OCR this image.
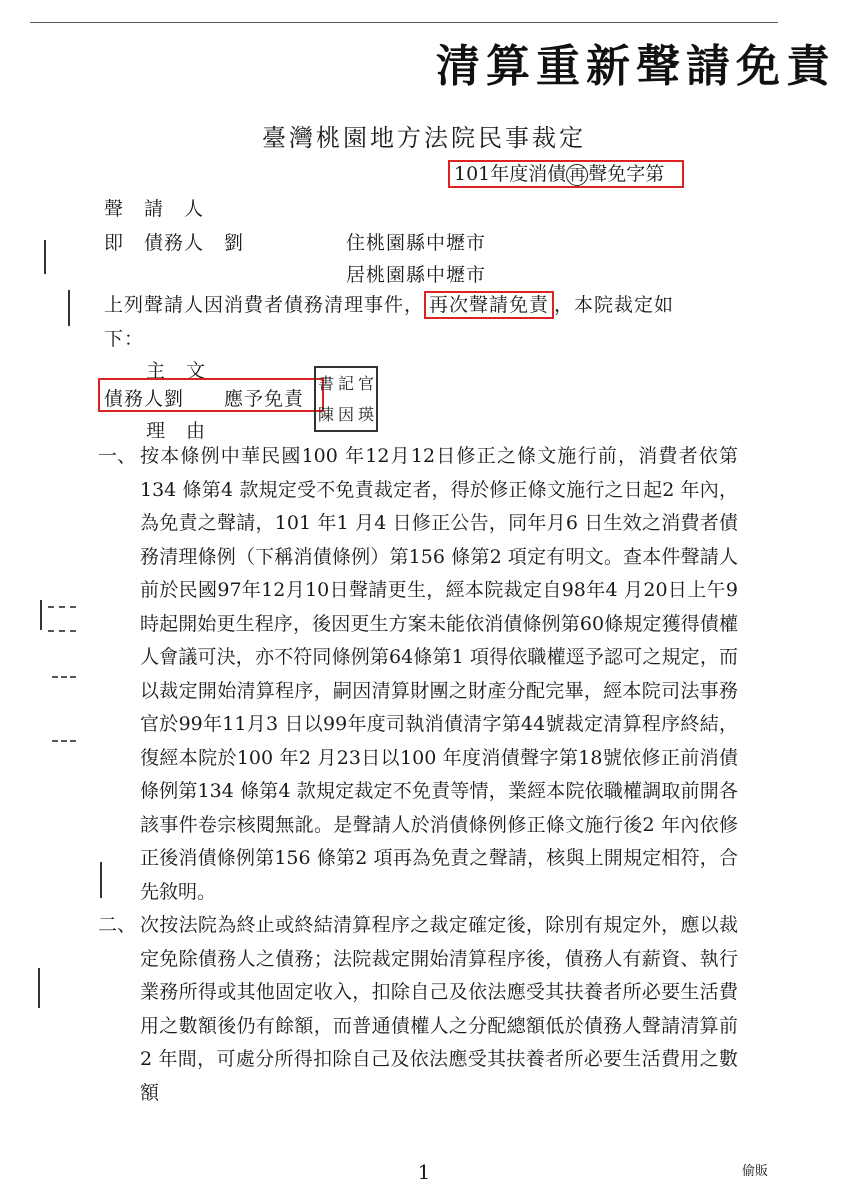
清算重新聲請免責
臺灣桃園地方法院民事裁定
101年度消債 再 聲免字第
聲　請　人
即　債務人　劉	住桃園縣中壢市
居桃園縣中壢市
上列聲請人因消費者債務清理事件， 再次聲請免責 ，本院裁定如
下：
主　文
債務人劉　　應予免責
書 記 官
陳 因 瑛
理　由
一、 按本條例中華民國100 年12月12日修正之條文施行前，消費者依第134 條第4 款規定受不免責裁定者，得於修正條文施行之日起2 年內，為免責之聲請，101 年1 月4 日修正公告，同年月6 日生效之消費者債務清理條例（下稱消債條例）第156 條第2 項定有明文。查本件聲請人前於民國97年12月10日聲請更生，經本院裁定自98年4 月20日上午9 時起開始更生程序，後因更生方案未能依消債條例第60條規定獲得債權人會議可決，亦不符同條例第64條第1 項得依職權逕予認可之規定，而以裁定開始清算程序，嗣因清算財團之財產分配完畢，經本院司法事務官於99年11月3 日以99年度司執消債清字第44號裁定清算程序終結，復經本院於100 年2 月23日以100 年度消債聲字第18號依修正前消債條例第134 條第4 款規定裁定不免責等情，業經本院依職權調取前開各該事件卷宗核閱無訛。是聲請人於消債條例修正條文施行後2 年內依修正後消債條例第156 條第2 項再為免責之聲請，核與上開規定相符，合先敘明。
二、 次按法院為終止或終結清算程序之裁定確定後，除別有規定外，應以裁定免除債務人之債務；法院裁定開始清算程序後，債務人有薪資、執行業務所得或其他固定收入，扣除自己及依法應受其扶養者所必要生活費用之數額後仍有餘額，而普通債權人之分配總額低於債務人聲請清算前2 年間，可處分所得扣除自己及依法應受其扶養者所必要生活費用之數額
1	偷販
